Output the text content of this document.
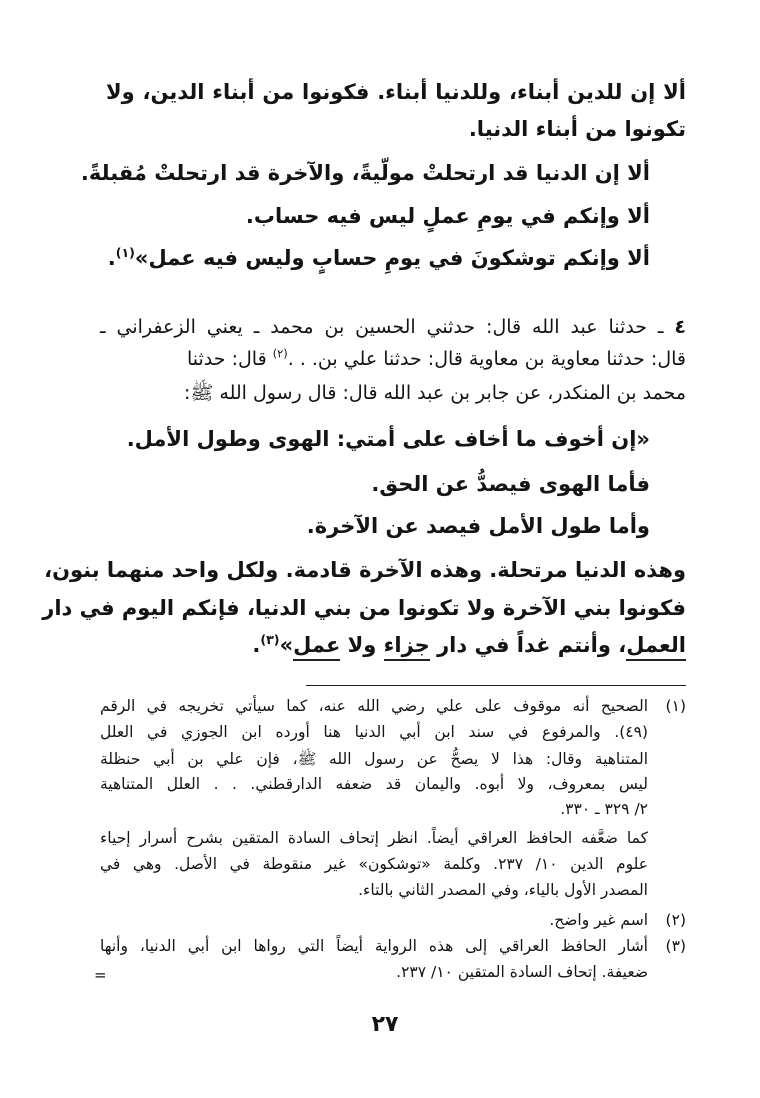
ألا إن للدين أبناء، وللدنيا أبناء. فكونوا من أبناء الدين، ولا

تكونوا من أبناء الدنيا.

ألا إن الدنيا قد ارتحلتْ مولّيةً، والآخرة قد ارتحلتْ مُقبلةً.

ألا وإنكم في يومِ عملٍ ليس فيه حساب.

ألا وإنكم توشكونَ في يومِ حسابٍ وليس فيه عمل»$^{(١)}$.

٤ ـ حدثنا عبد الله قال: حدثني الحسين بن محمد ـ يعني الزعفراني ـ

قال: حدثنا معاوية بن معاوية قال: حدثنا علي بن. . .$^{(٢)}$ قال: حدثنا

محمد بن المنكدر، عن جابر بن عبد الله قال: قال رسول الله ﷺ:

«إن أخوف ما أخاف على أمتي: الهوى وطول الأمل.

فأما الهوى فيصدُّ عن الحق.

وأما طول الأمل فيصد عن الآخرة.

وهذه الدنيا مرتحلة. وهذه الآخرة قادمة. ولكل واحد منهما بنون،

فكونوا بني الآخرة ولا تكونوا من بني الدنيا، فإنكم اليوم في دار

العمل، وأنتم غداً في دار جزاء ولا عمل»$^{(٣)}$.

(١)

الصحيح أنه موقوف على علي رضي الله عنه، كما سيأتي تخريجه في الرقم

(٤٩). والمرفوع في سند ابن أبي الدنيا هنا أورده ابن الجوزي في العلل

المتناهية وقال: هذا لا يصحُّ عن رسول الله ﷺ، فإن علي بن أبي حنظلة

ليس بمعروف، ولا أبوه. واليمان قد ضعفه الدارقطني. . . العلل المتناهية

٢/ ٣٢٩ ـ ٣٣٠.

كما ضعَّفه الحافظ العراقي أيضاً. انظر إتحاف السادة المتقين بشرح أسرار إحياء

علوم الدين ١٠/ ٢٣٧. وكلمة «توشكون» غير منقوطة في الأصل. وهي في

المصدر الأول بالياء، وفي المصدر الثاني بالتاء.

(٢)

اسم غير واضح.

(٣)

أشار الحافظ العراقي إلى هذه الرواية أيضاً التي رواها ابن أبي الدنيا، وأنها

ضعيفة. إتحاف السادة المتقين ١٠/ ٢٣٧.

=
٢٧
